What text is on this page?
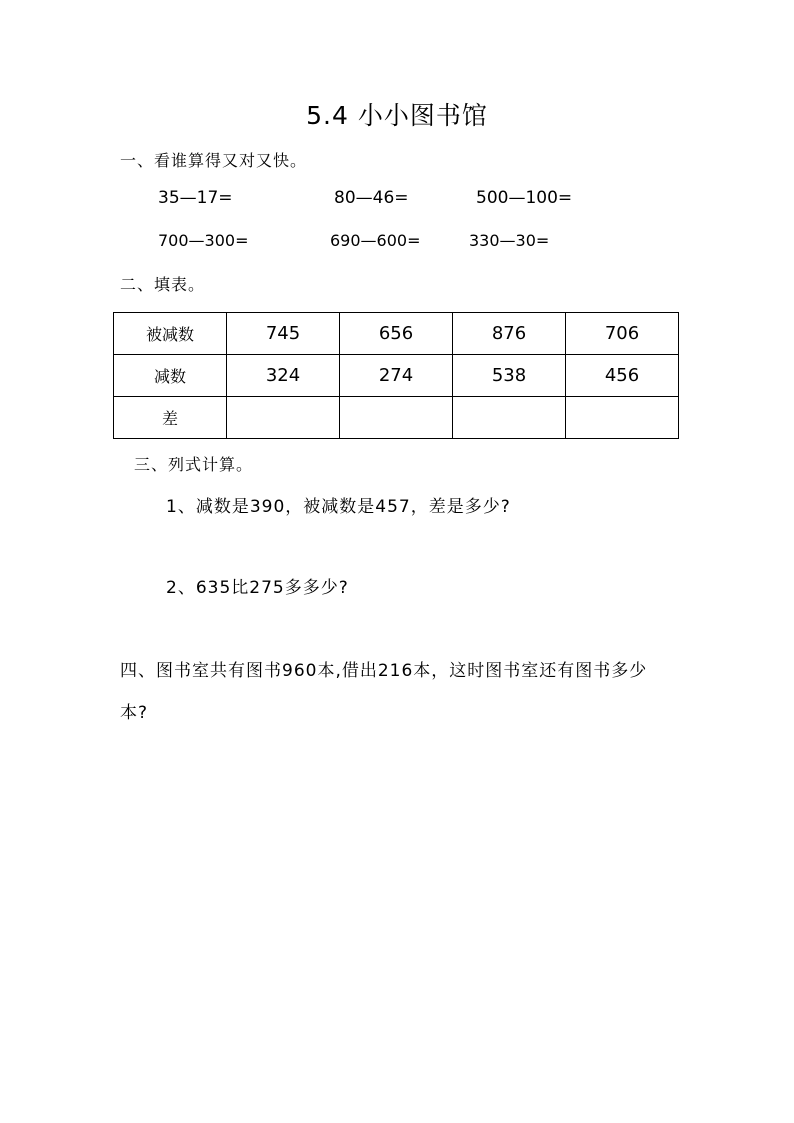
5.4 小小图书馆
一、看谁算得又对又快。
35—17=	80—46=	500—100=
700—300=	690—600=	330—30=
二、填表。
被减数	745	656	876	706
减数	324	274	538	456
差				
三、列式计算。
1、减数是390，被减数是457，差是多少?
2、635比275多多少?
四、图书室共有图书960本,借出216本，这时图书室还有图书多少
本?
